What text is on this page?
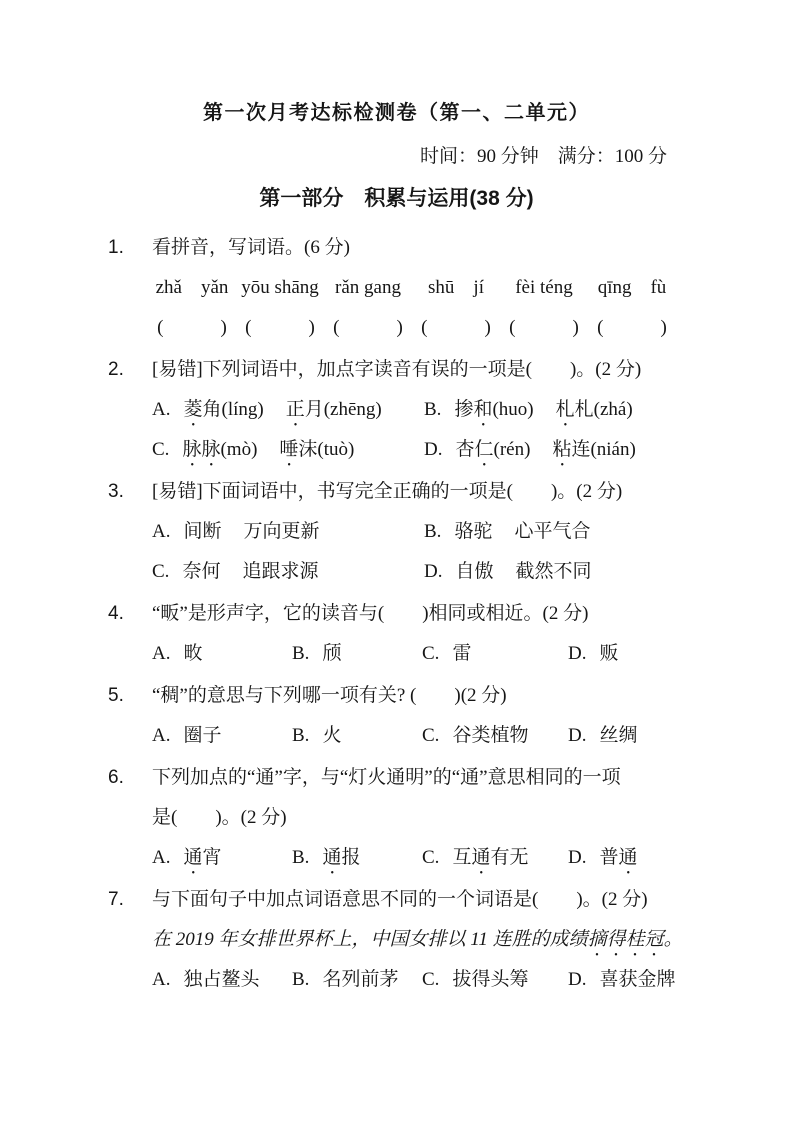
第一次月考达标检测卷（第一、二单元）
时间：90 分钟　满分：100 分
第一部分　积累与运用(38 分)
1.	看拼音，写词语。(6 分)
zhǎ　yǎn yōu shāng rǎn gang	shū　jí	fèi téng	qīng　fù
(　　　) (　　　) (　　　) (　　　) (　　　) (　　　)
2.	[易错]下列词语中，加点字读音有误的一项是(　　)。(2 分)
A. 菱角(líng) 正月(zhēng) B. 掺和(huo) 札札(zhá)
C. 脉脉(mò) 唾沫(tuò)	D. 杏仁(rén) 粘连(nián)
3.	[易错]下面词语中，书写完全正确的一项是(　　)。(2 分)
A. 间断 万向更新	B. 骆驼 心平气合
C. 奈何 追跟求源	D. 自傲 截然不同
4.	“畈”是形声字，它的读音与(　　)相同或相近。(2 分)
A. 畋	B. 颀	C. 雷	D. 贩
5.	“稠”的意思与下列哪一项有关? (　　)(2 分)
A. 圈子	B. 火	C. 谷类植物 D. 丝绸
6.	下列加点的“通”字，与“灯火通明”的“通”意思相同的一项
是(　　)。(2 分)
A. 通宵	B. 通报	C. 互通有无 D. 普通
7.	与下面句子中加点词语意思不同的一个词语是(　　)。(2 分)
在 2019 年女排世界杯上，中国女排以 11 连胜的成绩摘得桂冠。
A. 独占鳌头 B. 名列前茅 C. 拔得头筹 D. 喜获金牌
